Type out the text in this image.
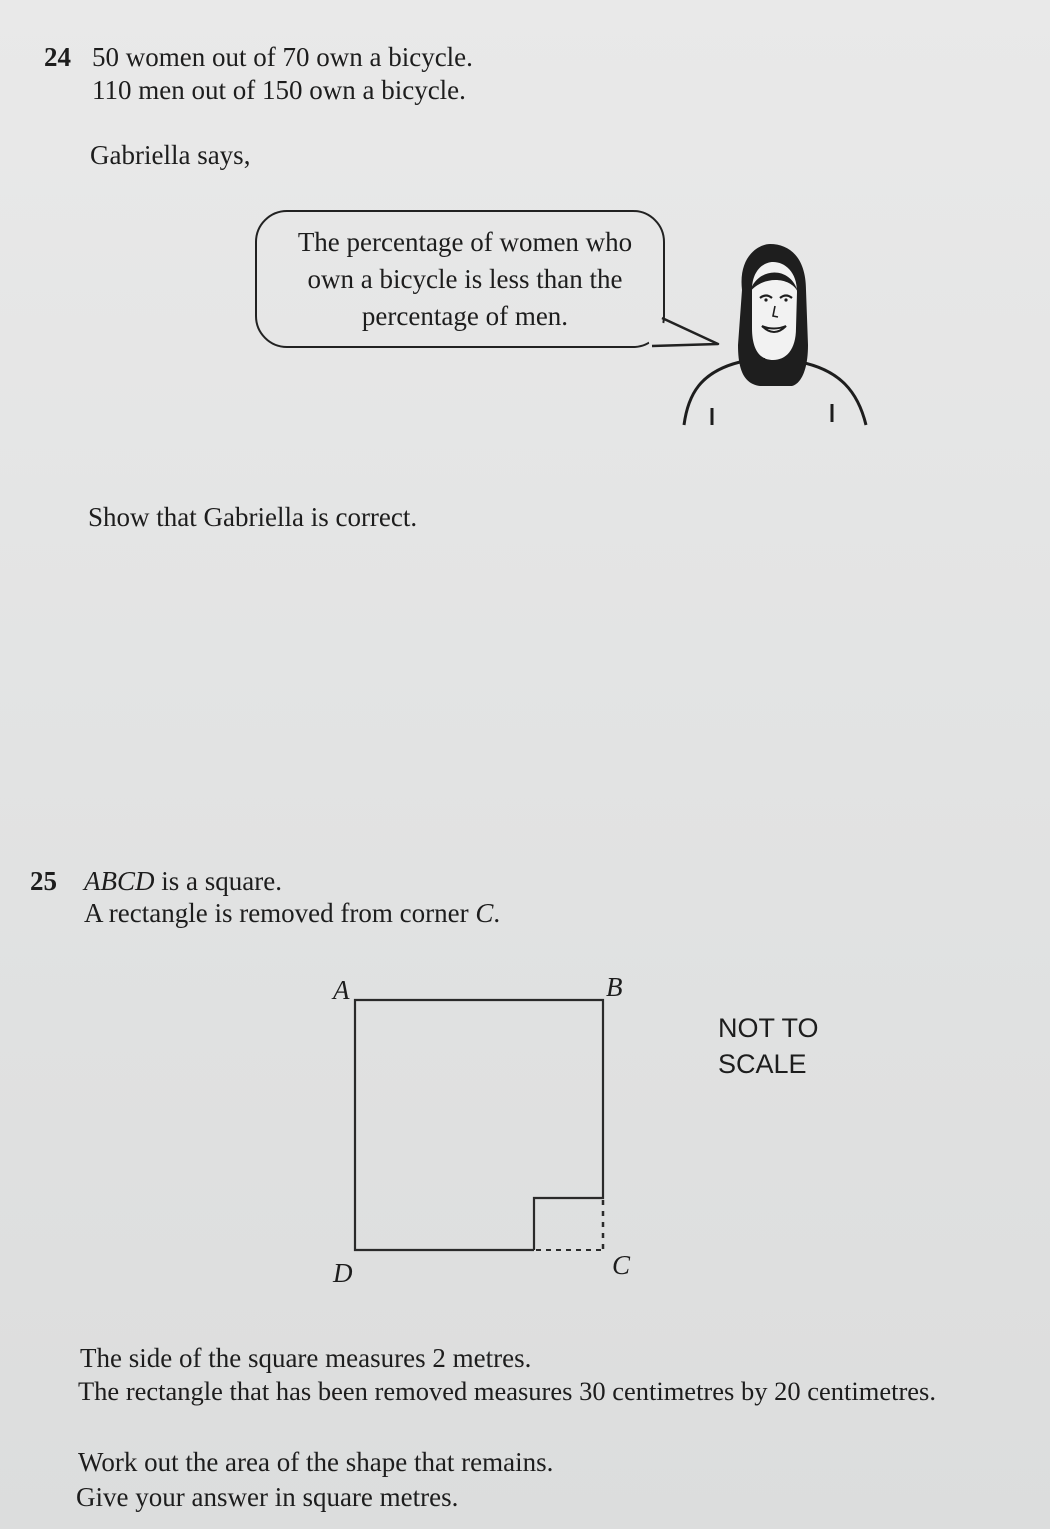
24 50 women out of 70 own a bicycle.
110 men out of 150 own a bicycle.
Gabriella says,
The percentage of women who
own a bicycle is less than the
percentage of men.
Show that Gabriella is correct.
25 ABCD is a square.
A rectangle is removed from corner C.
A	B
C
D
NOT TO
SCALE
The side of the square measures 2 metres.
The rectangle that has been removed measures 30 centimetres by 20 centimetres.
Work out the area of the shape that remains.
Give your answer in square metres.
